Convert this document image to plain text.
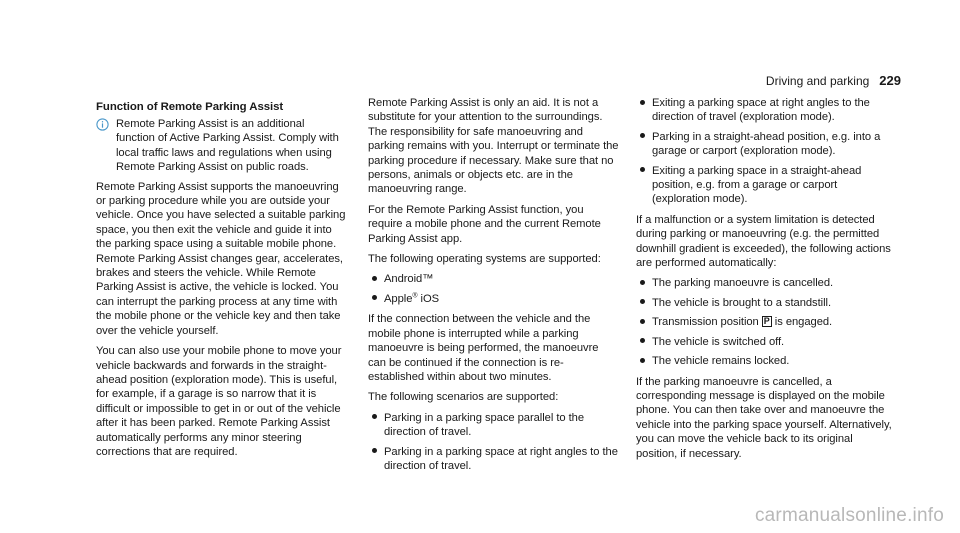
Driving and parking 229
Function of Remote Parking Assist
Remote Parking Assist is an additional function of Active Parking Assist. Comply with local traffic laws and regulations when using Remote Parking Assist on public roads.

Remote Parking Assist supports the manoeuvring or parking procedure while you are outside your vehicle. Once you have selected a suitable parking space, you then exit the vehicle and guide it into the parking space using a suitable mobile phone. Remote Parking Assist changes gear, accelerates, brakes and steers the vehicle. While Remote Parking Assist is active, the vehicle is locked. You can interrupt the parking process at any time with the mobile phone or the vehicle key and then take over the vehicle yourself.

You can also use your mobile phone to move your vehicle backwards and forwards in the straight-ahead position (exploration mode). This is useful, for example, if a garage is so narrow that it is difficult or impossible to get in or out of the vehicle after it has been parked. Remote Parking Assist automatically performs any minor steering corrections that are required.

Remote Parking Assist is only an aid. It is not a substitute for your attention to the surroundings. The responsibility for safe manoeuvring and parking remains with you. Interrupt or terminate the parking procedure if necessary. Make sure that no persons, animals or objects etc. are in the manoeuvring range.

For the Remote Parking Assist function, you require a mobile phone and the current Remote Parking Assist app.

The following operating systems are supported:

Android™
Apple® iOS

If the connection between the vehicle and the mobile phone is interrupted while a parking manoeuvre is being performed, the manoeuvre can be continued if the connection is re-established within about two minutes.

The following scenarios are supported:

Parking in a parking space parallel to the direction of travel.
Parking in a parking space at right angles to the direction of travel.
Exiting a parking space at right angles to the direction of travel (exploration mode).
Parking in a straight-ahead position, e.g. into a garage or carport (exploration mode).
Exiting a parking space in a straight-ahead position, e.g. from a garage or carport (exploration mode).

If a malfunction or a system limitation is detected during parking or manoeuvring (e.g. the permitted downhill gradient is exceeded), the following actions are performed automatically:

The parking manoeuvre is cancelled.
The vehicle is brought to a standstill.
Transmission position P is engaged.
The vehicle is switched off.
The vehicle remains locked.

If the parking manoeuvre is cancelled, a corresponding message is displayed on the mobile phone. You can then take over and manoeuvre the vehicle into the parking space yourself. Alternatively, you can move the vehicle back to its original position, if necessary.

carmanualsonline.info
